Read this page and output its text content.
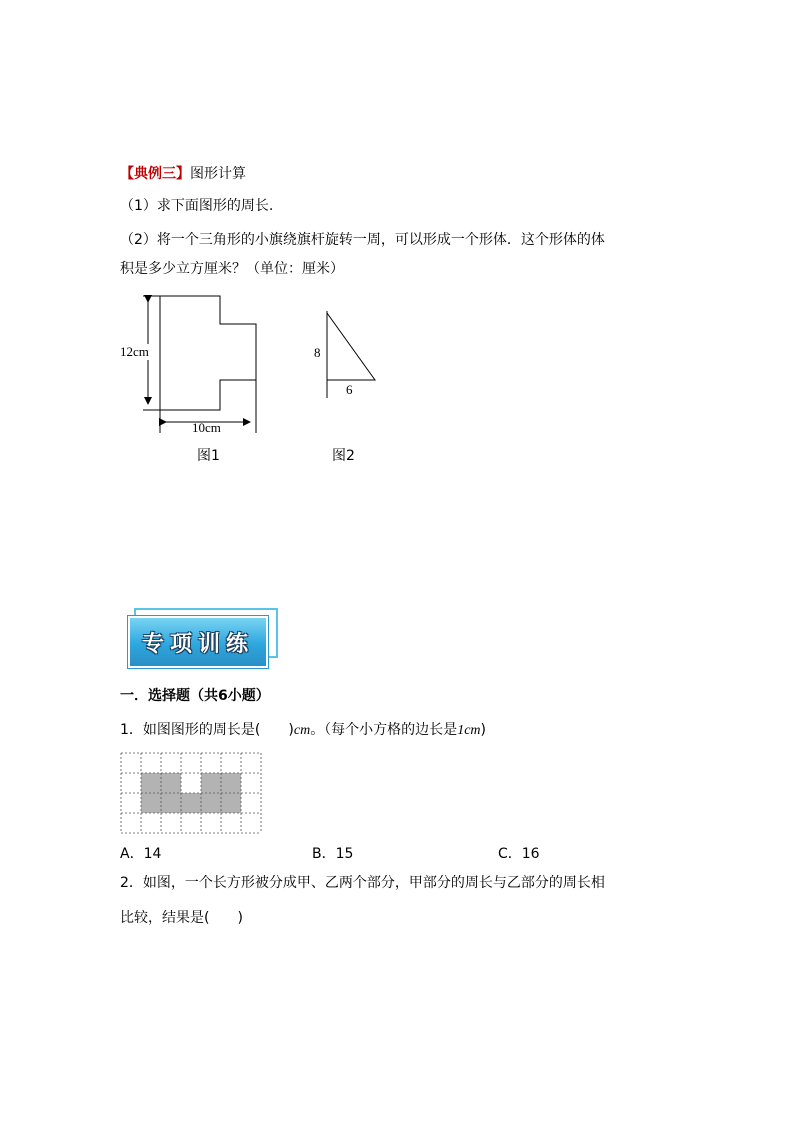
【典例三】图形计算
（1）求下面图形的周长.
（2）将一个三角形的小旗绕旗杆旋转一周，可以形成一个形体．这个形体的体
积是多少立方厘米？（单位：厘米）
12cm
10cm
图1
8
6
图2
专项训练
一．选择题（共6小题）
1．如图图形的周长是(　　 )cm。（每个小方格的边长是1cm)
A．14	B．15	C．16
2．如图，一个长方形被分成甲、乙两个部分，甲部分的周长与乙部分的周长相
比较，结果是(　　)
